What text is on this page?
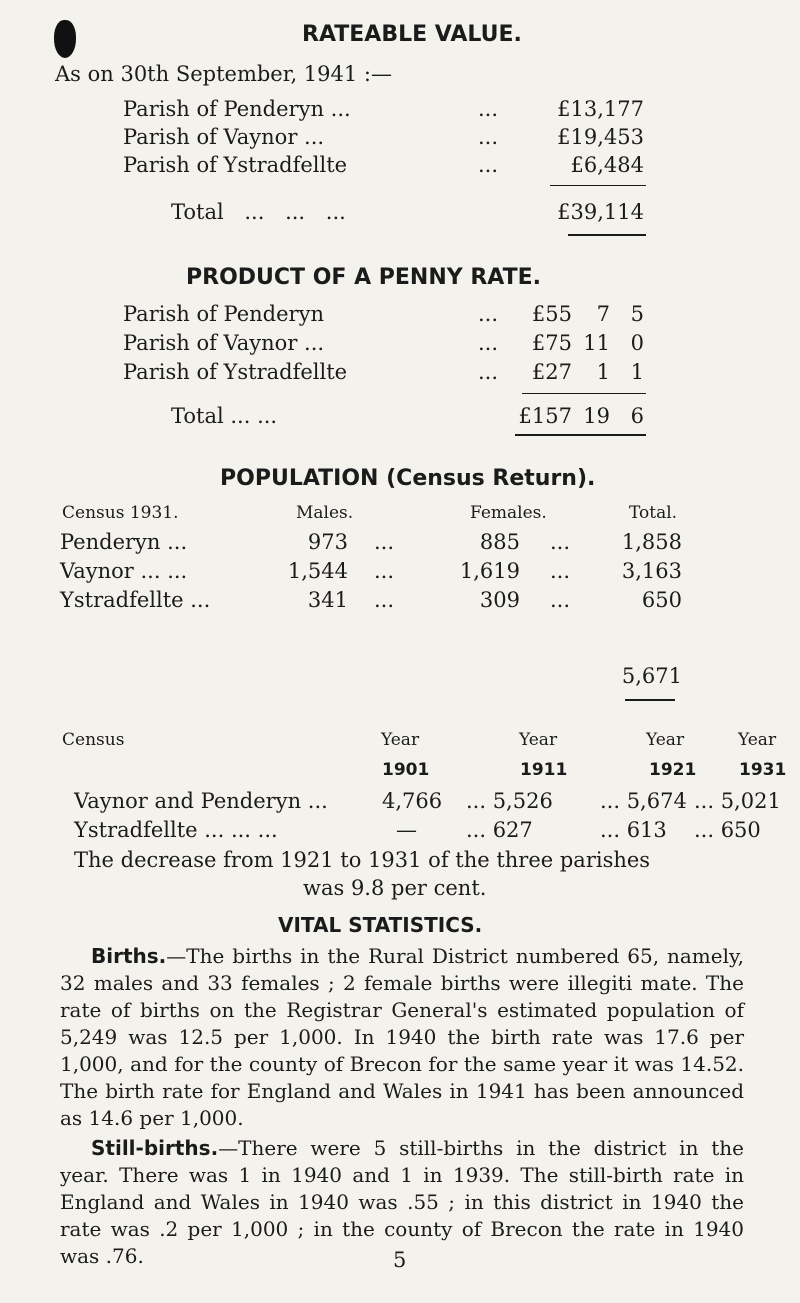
RATEABLE VALUE.
As on 30th September, 1941 :—
Parish of Penderyn ...	...	£13,177
Parish of Vaynor ...	...	£19,453
Parish of Ystradfellte	...	£6,484
Total ... ... ...	£39,114
PRODUCT OF A PENNY RATE.
Parish of Penderyn	...	£55	7 5
Parish of Vaynor ...	...	£75 11 0
Parish of Ystradfellte	...	£27	1 1
Total ... ...	£157 19 6
POPULATION (Census Return).
Census 1931.	Males.	Females.	Total.
Penderyn ...	973 ...	885 ...	1,858
Vaynor ... ...	1,544 ...	1,619 ...	3,163
Ystradfellte ...	341 ...	309 ...	650
5,671
Census	Year	Year	Year	Year
1901	1911	1921	1931
Vaynor and Penderyn ...	4,766 ... 5,526 ... 5,674 ... 5,021
Ystradfellte ... ... ...	— ... 627	... 613 ... 650
The decrease from 1921 to 1931 of the three parishes
was 9.8 per cent.
VITAL STATISTICS.
Births.—The births in the Rural District numbered 65, namely, 32 males and 33 females ; 2 female births were illegiti mate. The rate of births on the Registrar General's estimated population of 5,249 was 12.5 per 1,000. In 1940 the birth rate was 17.6 per 1,000, and for the county of Brecon for the same year it was 14.52. The birth rate for England and Wales in 1941 has been announced as 14.6 per 1,000.
Still-births.—There were 5 still-births in the district in the year. There was 1 in 1940 and 1 in 1939. The still-birth rate in England and Wales in 1940 was .55 ; in this district in 1940 the rate was .2 per 1,000 ; in the county of Brecon the rate in 1940 was .76.	5
